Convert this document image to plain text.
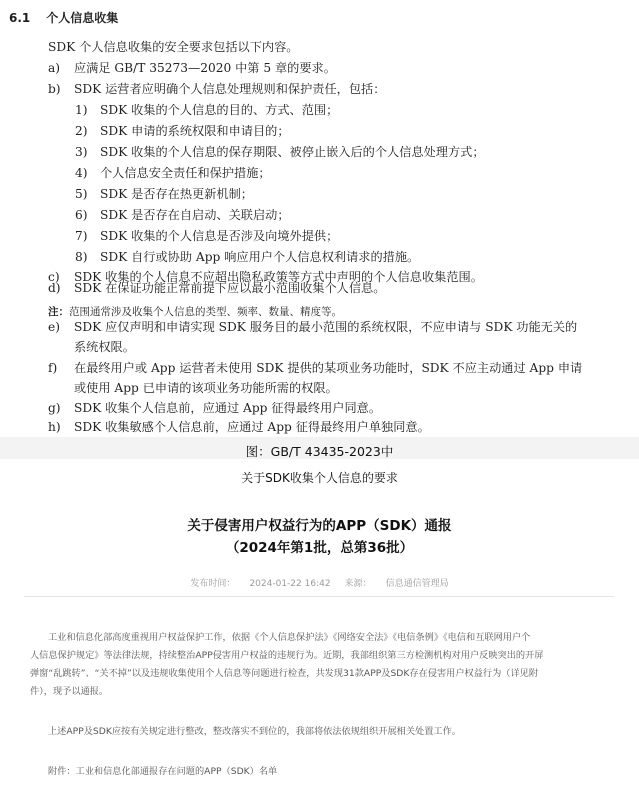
6.1 个人信息收集
SDK 个人信息收集的安全要求包括以下内容。
a) 应满足 GB/T 35273—2020 中第 5 章的要求。
b) SDK 运营者应明确个人信息处理规则和保护责任，包括：
1) SDK 收集的个人信息的目的、方式、范围；
2) SDK 申请的系统权限和申请目的；
3) SDK 收集的个人信息的保存期限、被停止嵌入后的个人信息处理方式；
4) 个人信息安全责任和保护措施；
5) SDK 是否存在热更新机制；
6) SDK 是否存在自启动、关联启动；
7) SDK 收集的个人信息是否涉及向境外提供；
8) SDK 自行或协助 App 响应用户个人信息权利请求的措施。
c) SDK 收集的个人信息不应超出隐私政策等方式中声明的个人信息收集范围。
d) SDK 在保证功能正常前提下应以最小范围收集个人信息。
注：范围通常涉及收集个人信息的类型、频率、数量、精度等。
e) SDK 应仅声明和申请实现 SDK 服务目的最小范围的系统权限，不应申请与 SDK 功能无关的
系统权限。
f) 在最终用户或 App 运营者未使用 SDK 提供的某项业务功能时，SDK 不应主动通过 App 申请
或使用 App 已申请的该项业务功能所需的权限。
g) SDK 收集个人信息前，应通过 App 征得最终用户同意。
h) SDK 收集敏感个人信息前，应通过 App 征得最终用户单独同意。
图：GB/T 43435-2023中
关于SDK收集个人信息的要求
关于侵害用户权益行为的APP（SDK）通报
（2024年第1批，总第36批）
发布时间： 2024-01-22 16:42 来源： 信息通信管理局
工业和信息化部高度重视用户权益保护工作，依据《个人信息保护法》《网络安全法》《电信条例》《电信和互联网用户个
人信息保护规定》等法律法规，持续整治APP侵害用户权益的违规行为。近期，我部组织第三方检测机构对用户反映突出的开屏
弹窗“乱跳转”、“关不掉”以及违规收集使用个人信息等问题进行检查，共发现31款APP及SDK存在侵害用户权益行为（详见附
件），现予以通报。
上述APP及SDK应按有关规定进行整改，整改落实不到位的，我部将依法依规组织开展相关处置工作。
附件：工业和信息化部通报存在问题的APP（SDK）名单
